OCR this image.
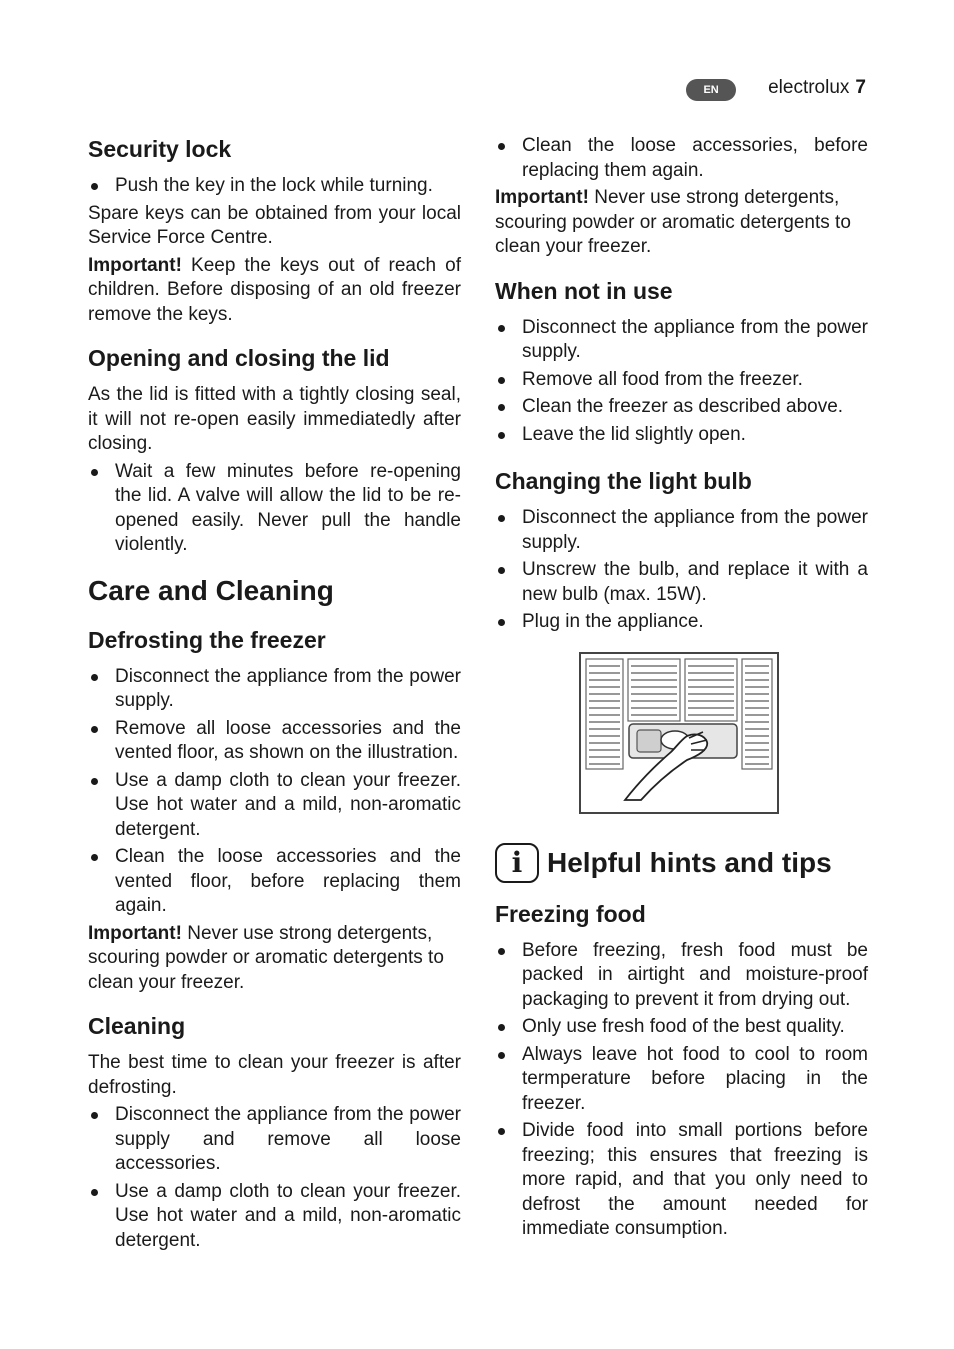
EN	electrolux 7
Security lock
Push the key in the lock while turning.

Spare keys can be obtained from your local Service Force Centre.

Important! Keep the keys out of reach of children. Before disposing of an old freezer remove the keys.

Opening and closing the lid

As the lid is fitted with a tightly closing seal, it will not re-open easily immediatedly after closing.

Wait a few minutes before re-opening the lid. A valve will allow the lid to be re-opened easily. Never pull the handle violently.
Care and Cleaning
Defrosting the freezer
Disconnect the appliance from the power supply.
Remove all loose accessories and the vented floor, as shown on the illustration.
Use a damp cloth to clean your freezer. Use hot water and a mild, non-aromatic detergent.
Clean the loose accessories and the vented floor, before replacing them again.

Important! Never use strong detergents, scouring powder or aromatic detergents to clean your freezer.

Cleaning

The best time to clean your freezer is after defrosting.

Disconnect the appliance from the power supply and remove all loose accessories.
Use a damp cloth to clean your freezer. Use hot water and a mild, non-aromatic detergent.
Clean the loose accessories, before replacing them again.

Important! Never use strong detergents, scouring powder or aromatic detergents to clean your freezer.

When not in use
Disconnect the appliance from the power supply.
Remove all food from the freezer.
Clean the freezer as described above.
Leave the lid slightly open.
Changing the light bulb
Disconnect the appliance from the power supply.
Unscrew the bulb, and replace it with a new bulb (max. 15W).
Plug in the appliance.
i Helpful hints and tips
Freezing food
Before freezing, fresh food must be packed in airtight and moisture-proof packaging to prevent it from drying out.
Only use fresh food of the best quality.
Always leave hot food to cool to room termperature before placing in the freezer.
Divide food into small portions before freezing; this ensures that freezing is more rapid, and that you only need to defrost the amount needed for immediate consumption.
